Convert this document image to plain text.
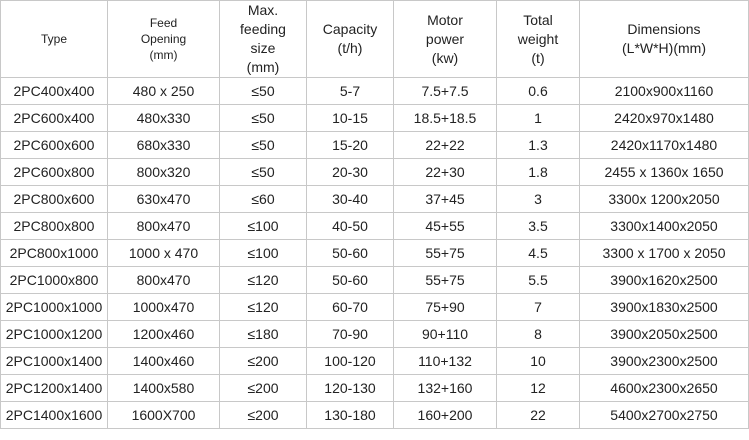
Type	Feed
Opening
(mm)	Max.
feeding
size
(mm)	Capacity
(t/h)	Motor
power
(kw)	Total
weight
(t)	Dimensions
(L*W*H)(mm)

2PC400x400	480 x 250	≤50	5-7	7.5+7.5	0.6	2100x900x1160
2PC600x400	480x330	≤50	10-15	18.5+18.5	1	2420x970x1480
2PC600x600	680x330	≤50	15-20	22+22	1.3	2420x1170x1480
2PC600x800	800x320	≤50	20-30	22+30	1.8	2455 x 1360x 1650
2PC800x600	630x470	≤60	30-40	37+45	3	3300x 1200x2050
2PC800x800	800x470	≤100	40-50	45+55	3.5	3300x1400x2050
2PC800x1000	1000 x 470	≤100	50-60	55+75	4.5	3300 x 1700 x 2050
2PC1000x800	800x470	≤120	50-60	55+75	5.5	3900x1620x2500
2PC1000x1000	1000x470	≤120	60-70	75+90	7	3900x1830x2500
2PC1000x1200	1200x460	≤180	70-90	90+110	8	3900x2050x2500
2PC1000x1400	1400x460	≤200	100-120	110+132	10	3900x2300x2500
2PC1200x1400	1400x580	≤200	120-130	132+160	12	4600x2300x2650
2PC1400x1600	1600X700	≤200	130-180	160+200	22	5400x2700x2750
